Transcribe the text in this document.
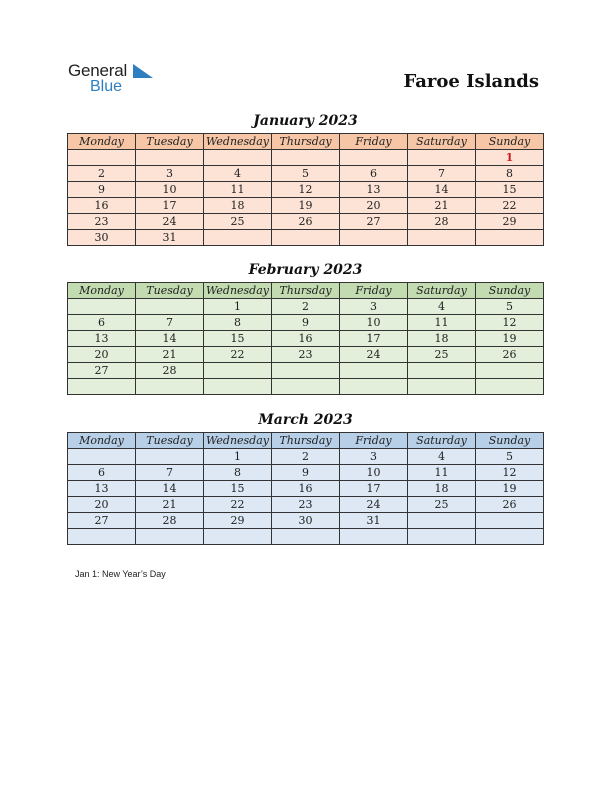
General
Blue	Faroe Islands
January 2023
Monday	Tuesday	Wednesday	Thursday	Friday	Saturday	Sunday
						1
2	3	4	5	6	7	8
9	10	11	12	13	14	15
16	17	18	19	20	21	22
23	24	25	26	27	28	29
30	31					
February 2023
Monday	Tuesday	Wednesday	Thursday	Friday	Saturday	Sunday
		1	2	3	4	5
6	7	8	9	10	11	12
13	14	15	16	17	18	19
20	21	22	23	24	25	26
27	28					

March 2023
Monday	Tuesday	Wednesday	Thursday	Friday	Saturday	Sunday
		1	2	3	4	5
6	7	8	9	10	11	12
13	14	15	16	17	18	19
20	21	22	23	24	25	26
27	28	29	30	31		

Jan 1: New Year’s Day
